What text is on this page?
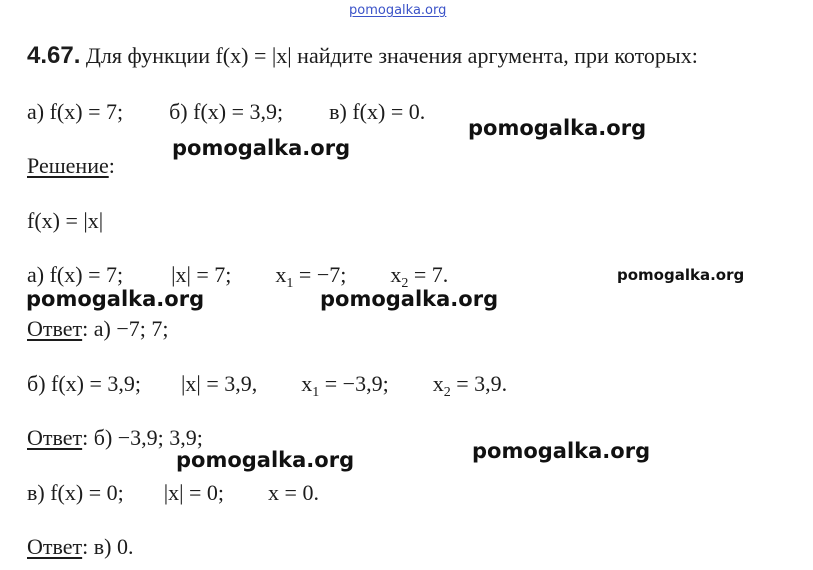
pomogalka.org
4.67. Для функции f(x) = |x| найдите значения аргумента, при которых:
а) f(x) = 7; б) f(x) = 3,9; в) f(x) = 0.
Решение:
f(x) = |x|
а) f(x) = 7; |x| = 7; $x_1 = -7$; $x_2 = 7$.
Ответ: а) −7; 7;
б) f(x) = 3,9; |x| = 3,9, $x_1 = -3,9$; $x_2 = 3,9$.
Ответ: б) −3,9; 3,9;
в) f(x) = 0; |x| = 0; x = 0.
Ответ: в) 0.
pomogalka.org
pomogalka.org
pomogalka.org
pomogalka.org	pomogalka.org
pomogalka.org
pomogalka.org
